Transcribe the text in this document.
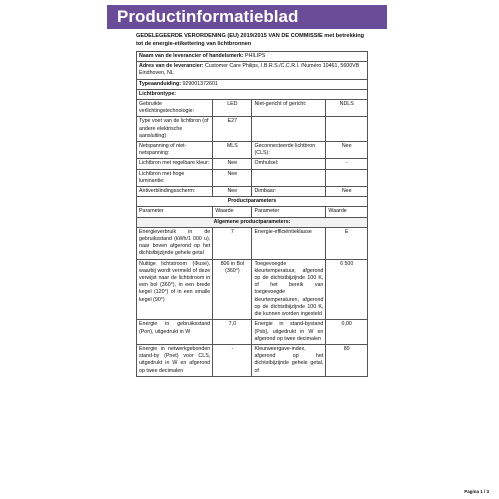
Productinformatieblad
GEDELEGEERDE VERORDENING (EU) 2019/2015 VAN DE COMMISSIE met betrekking tot de energie-etikettering van lichtbronnen
Naam van de leverancier of handelsmerk: PHILIPS			
Adres van de leverancier: Customer Care Philips, I.B.R.S./C.C.R.I. /Numéro 10461, 5600VB Eindhoven, NL			
Typeaanduiding: 929001372601			
Lichtbrontype:			
Gebruikte verlichtingstechnologie:	LED	Niet-gericht of gericht:	NDLS
Type voet van de lichtbron (of andere elektrische aansluiting)	E27		
Netspanning of niet-netspanning:	MLS	Geconnecteerde lichtbron (CLS):	Nee
Lichtbron met regelbare kleur:	Nee	Omhulsel:	-
Lichtbron met hoge luminantie:	Nee		
Antiverblindingsscherm:	Nee	Dimbaar:	Nee
Productparameters			
Parameter	Waarde	Parameter	Waarde
Algemene productparameters:			
Energieverbruik in de gebruiksstand (kWh/1 000 u), naar boven afgerond op het dichtstbijzijnde gehele getal	7	Energie-efficiëntieklasse	E
Nuttige lichtstroom (Φuse), waarbij wordt vermeld of deze verwijst naar de lichtstroom in een bol (360°), in een brede kegel (120°) of in een smalle kegel (90°)	806 in Bol (360°)	Toegevoegde kleurtemperatuur, afgerond op de dichtstbijzijnde 100 K, of het bereik van toegevoegde kleurtemperaturen, afgerond op de dichtstbijzijnde 100 K, die kunnen worden ingesteld	6 500
Energie in gebruiksstand (Pon), uitgedrukt in W	7,0	Energie in stand-bystand (Psb), uitgedrukt in W en afgerond op twee decimalen	0,00
Energie in netwerkgebonden stand-by (Pnet) voor CLS, uitgedrukt in W en afgerond op twee decimalen	-	Kleurweergave-index, afgerond op het dichtstbijzijnde gehele getal, of	80
Pagina 1 / 3
